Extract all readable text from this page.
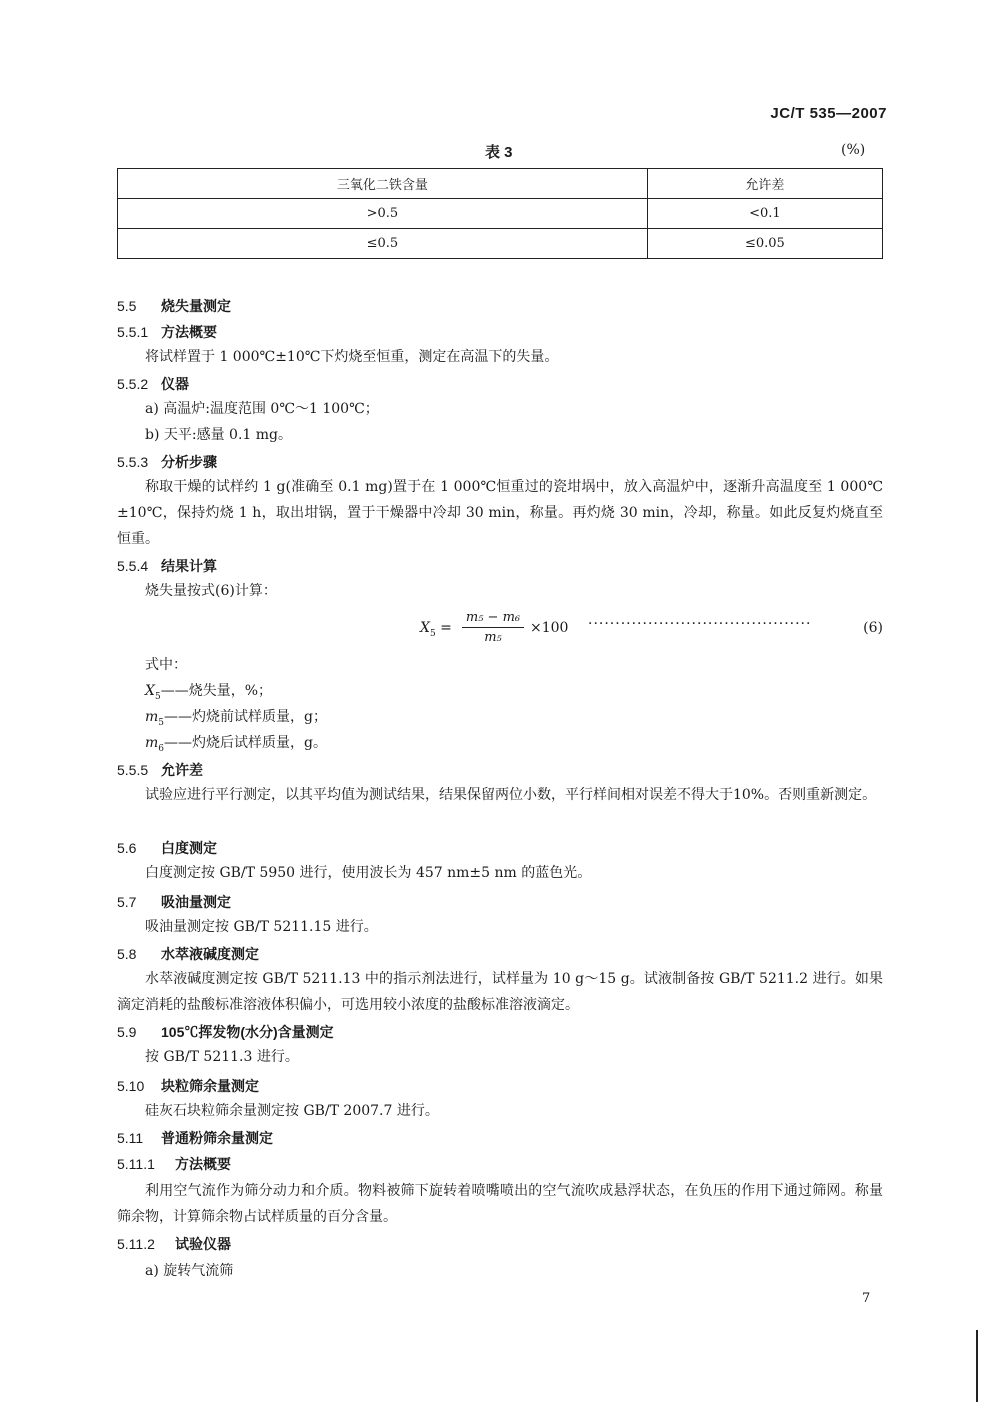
JC/T 535—2007
表 3	(%)
三氧化二铁含量	允许差
>0.5	<0.1
≤0.5	≤0.05
5.5 烧失量测定
5.5.1 方法概要
将试样置于 1 000℃±10℃下灼烧至恒重，测定在高温下的失量。
5.5.2 仪器
a) 高温炉:温度范围 0℃～1 100℃；
b) 天平:感量 0.1 mg。
5.5.3 分析步骤
称取干燥的试样约 1 g(准确至 0.1 mg)置于在 1 000℃恒重过的瓷坩埚中，放入高温炉中，逐渐升高温度至 1 000℃±10℃，保持灼烧 1 h，取出坩锅，置于干燥器中冷却 30 min，称量。再灼烧 30 min，冷却，称量。如此反复灼烧直至恒重。
5.5.4 结果计算
烧失量按式(6)计算：
$X_5 = \frac{\text{m₅ − m₆}}{\text{m₅}} \times 100$ ·········································	(6)
式中：
$X_5——$烧失量，%；
$m_5——$灼烧前试样质量，g；
$m_6——$灼烧后试样质量，g。
5.5.5 允许差
试验应进行平行测定，以其平均值为测试结果，结果保留两位小数，平行样间相对误差不得大于10%。否则重新测定。
5.6 白度测定
白度测定按 GB/T 5950 进行，使用波长为 457 nm±5 nm 的蓝色光。
5.7 吸油量测定
吸油量测定按 GB/T 5211.15 进行。
5.8 水萃液碱度测定
水萃液碱度测定按 GB/T 5211.13 中的指示剂法进行，试样量为 10 g～15 g。试液制备按 GB/T 5211.2 进行。如果滴定消耗的盐酸标准溶液体积偏小，可选用较小浓度的盐酸标准溶液滴定。
5.9 105℃挥发物(水分)含量测定
按 GB/T 5211.3 进行。
5.10 块粒筛余量测定
硅灰石块粒筛余量测定按 GB/T 2007.7 进行。
5.11 普通粉筛余量测定
5.11.1 方法概要
利用空气流作为筛分动力和介质。物料被筛下旋转着喷嘴喷出的空气流吹成悬浮状态，在负压的作用下通过筛网。称量筛余物，计算筛余物占试样质量的百分含量。
5.11.2 试验仪器
a) 旋转气流筛
7
